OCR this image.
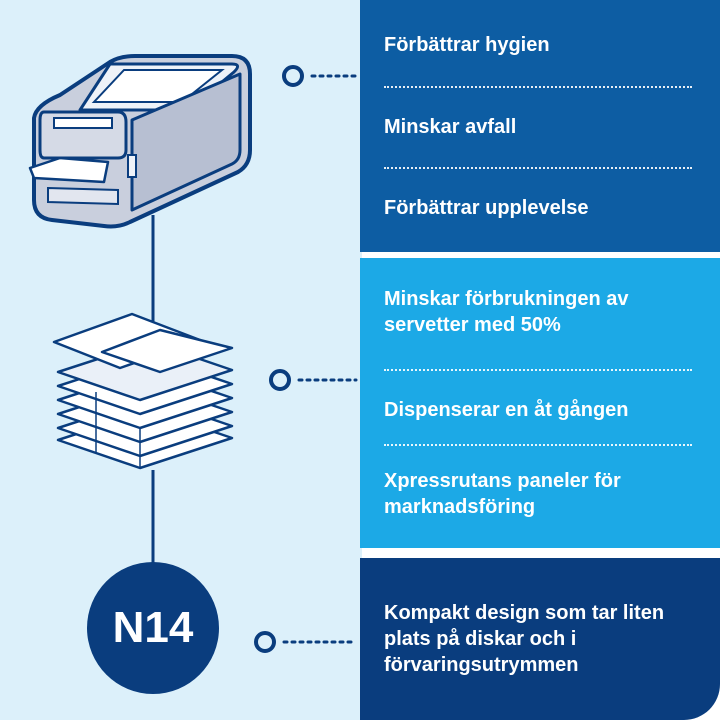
N14
Förbättrar hygien
Minskar avfall
Förbättrar upplevelse
Minskar förbrukningen av servetter med 50%
Dispenserar en åt gången
Xpressrutans paneler för marknadsföring
Kompakt design som tar liten plats på diskar och i förvaringsutrymmen
